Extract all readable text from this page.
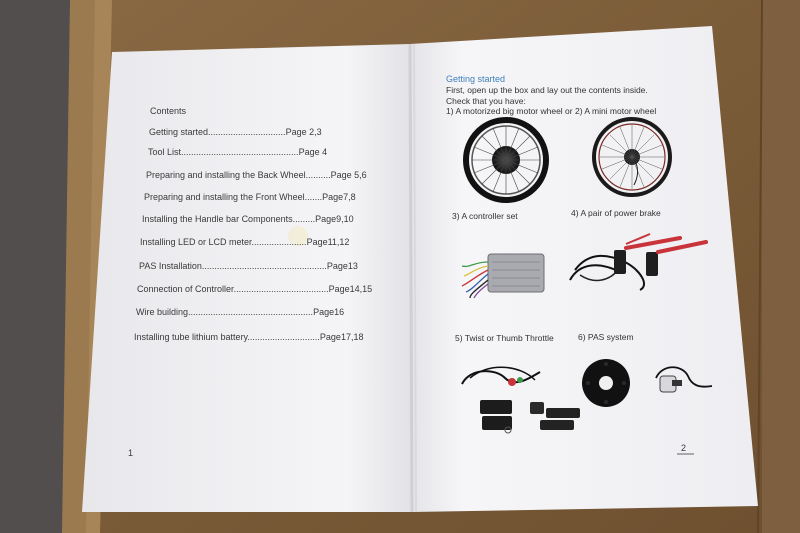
Contents
Getting started...............................Page 2,3
Tool List...............................................Page 4
Preparing and installing the Back Wheel..........Page 5,6
Preparing and installing the Front Wheel.......Page7,8
Installing the Handle bar Components.........Page9,10
Installing LED or LCD meter......................Page11,12
PAS Installation..................................................Page13
Connection of Controller......................................Page14,15
Wire building..................................................Page16
Installing tube lithium battery.............................Page17,18
1
Getting started
First, open up the box and lay out the contents inside.
Check that you have:
1) A motorized big motor wheel or 2) A mini motor wheel
3) A controller set	4) A pair of power brake
5) Twist or Thumb Throttle	6) PAS system
2
